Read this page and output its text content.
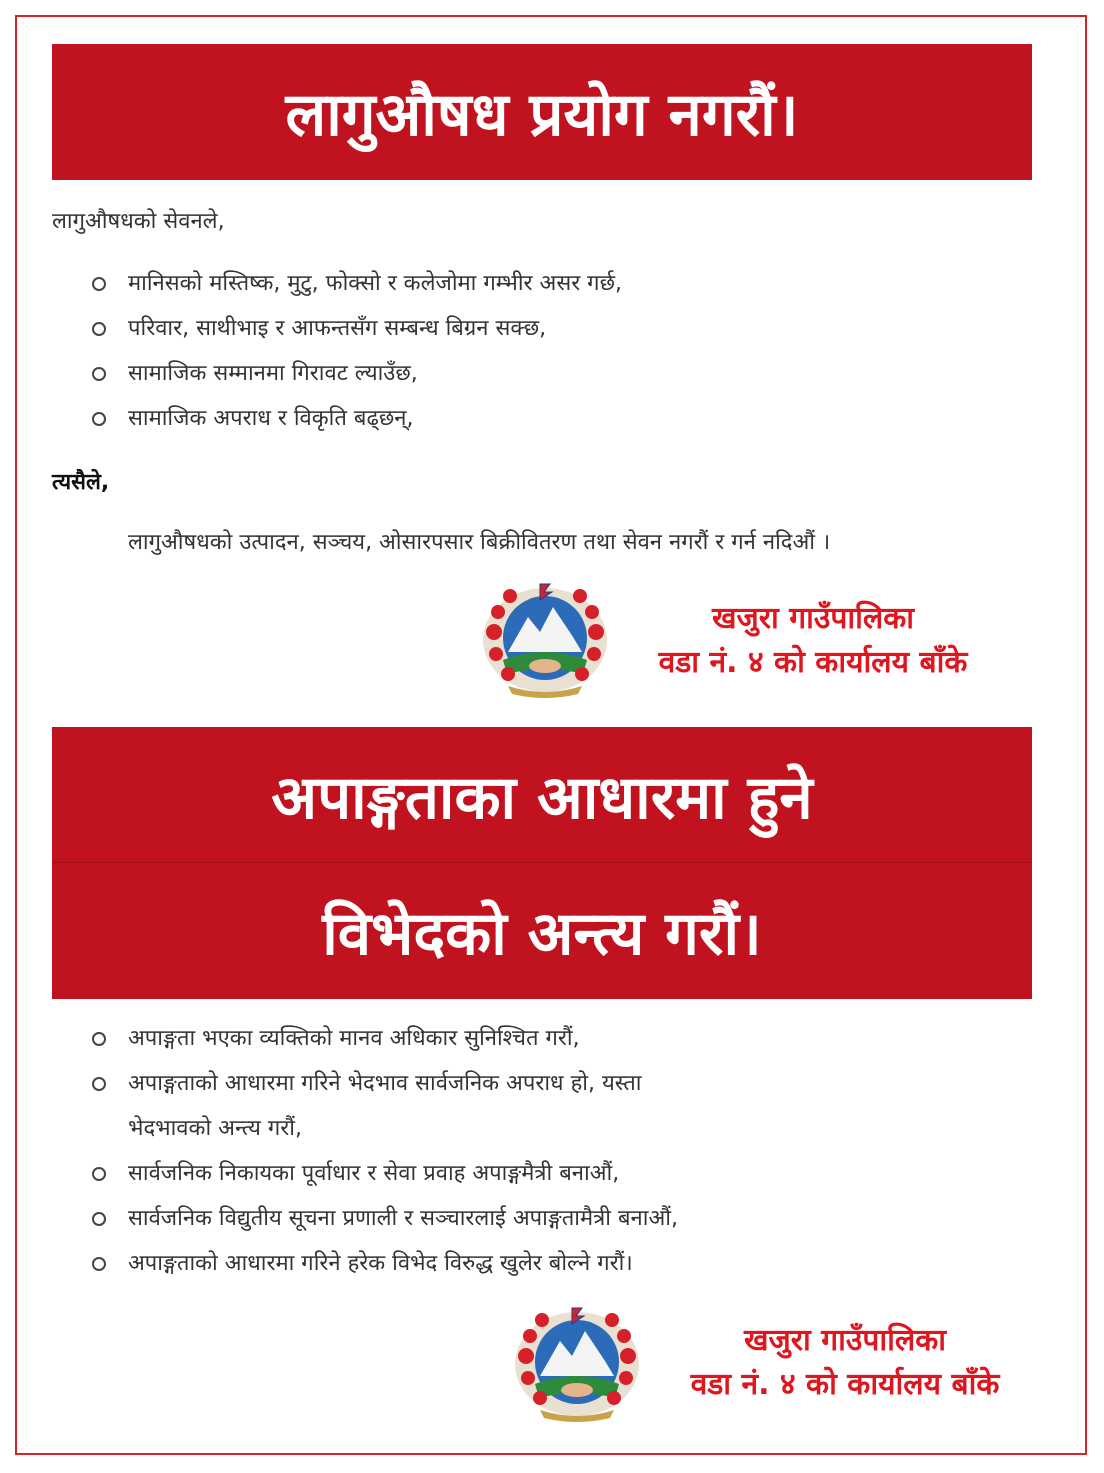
लागुऔषध प्रयोग नगरौं।
लागुऔषधको सेवनले,
मानिसको मस्तिष्क, मुटु, फोक्सो र कलेजोमा गम्भीर असर गर्छ,
परिवार, साथीभाइ र आफन्तसँग सम्बन्ध बिग्रन सक्छ,
सामाजिक सम्मानमा गिरावट ल्याउँछ,
सामाजिक अपराध र विकृति बढ्छन्,
त्यसैले,
लागुऔषधको उत्पादन, सञ्चय, ओसारपसार बिक्रीवितरण तथा सेवन नगरौं र गर्न नदिऔं ।
खजुरा गाउँपालिका
वडा नं. ४ को कार्यालय बाँके
अपाङ्गताका आधारमा हुने
विभेदको अन्त्य गरौं।
अपाङ्गता भएका व्यक्तिको मानव अधिकार सुनिश्चित गरौं,
अपाङ्गताको आधारमा गरिने भेदभाव सार्वजनिक अपराध हो, यस्ता
भेदभावको अन्त्य गरौं,
सार्वजनिक निकायका पूर्वाधार र सेवा प्रवाह अपाङ्गमैत्री बनाऔं,
सार्वजनिक विद्युतीय सूचना प्रणाली र सञ्चारलाई अपाङ्गतामैत्री बनाऔं,
अपाङ्गताको आधारमा गरिने हरेक विभेद विरुद्ध खुलेर बोल्ने गरौं।
खजुरा गाउँपालिका
वडा नं. ४ को कार्यालय बाँके
